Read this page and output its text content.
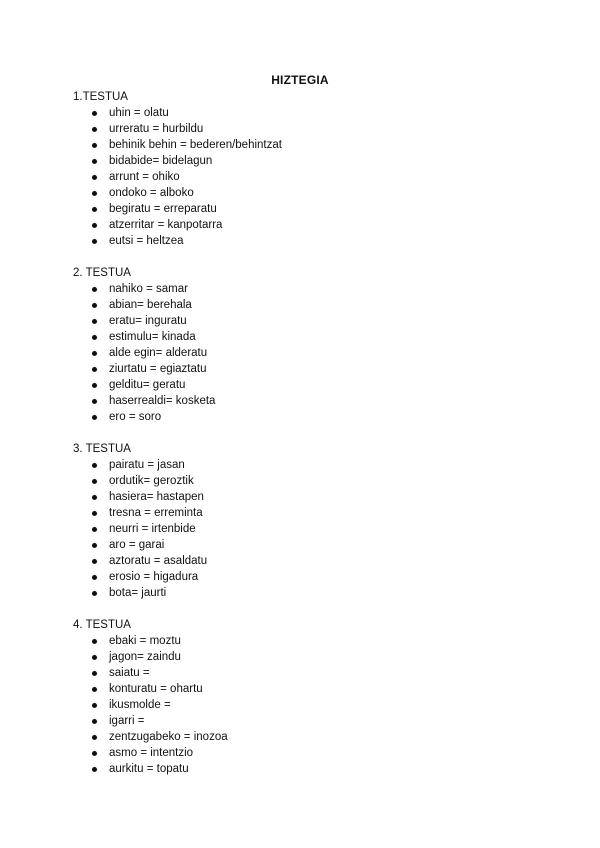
HIZTEGIA
1.TESTUA
uhin = olatu
urreratu = hurbildu
behinik behin = bederen/behintzat
bidabide= bidelagun
arrunt = ohiko
ondoko = alboko
begiratu = erreparatu
atzerritar = kanpotarra
eutsi = heltzea
2. TESTUA
nahiko = samar
abian= berehala
eratu= inguratu
estimulu= kinada
alde egin= alderatu
ziurtatu = egiaztatu
gelditu= geratu
haserrealdi= kosketa
ero = soro
3. TESTUA
pairatu = jasan
ordutik= geroztik
hasiera= hastapen
tresna = erreminta
neurri = irtenbide
aro = garai
aztoratu = asaldatu
erosio = higadura
bota= jaurti
4. TESTUA
ebaki = moztu
jagon= zaindu
saiatu =
konturatu = ohartu
ikusmolde =
igarri =
zentzugabeko = inozoa
asmo = intentzio
aurkitu = topatu
